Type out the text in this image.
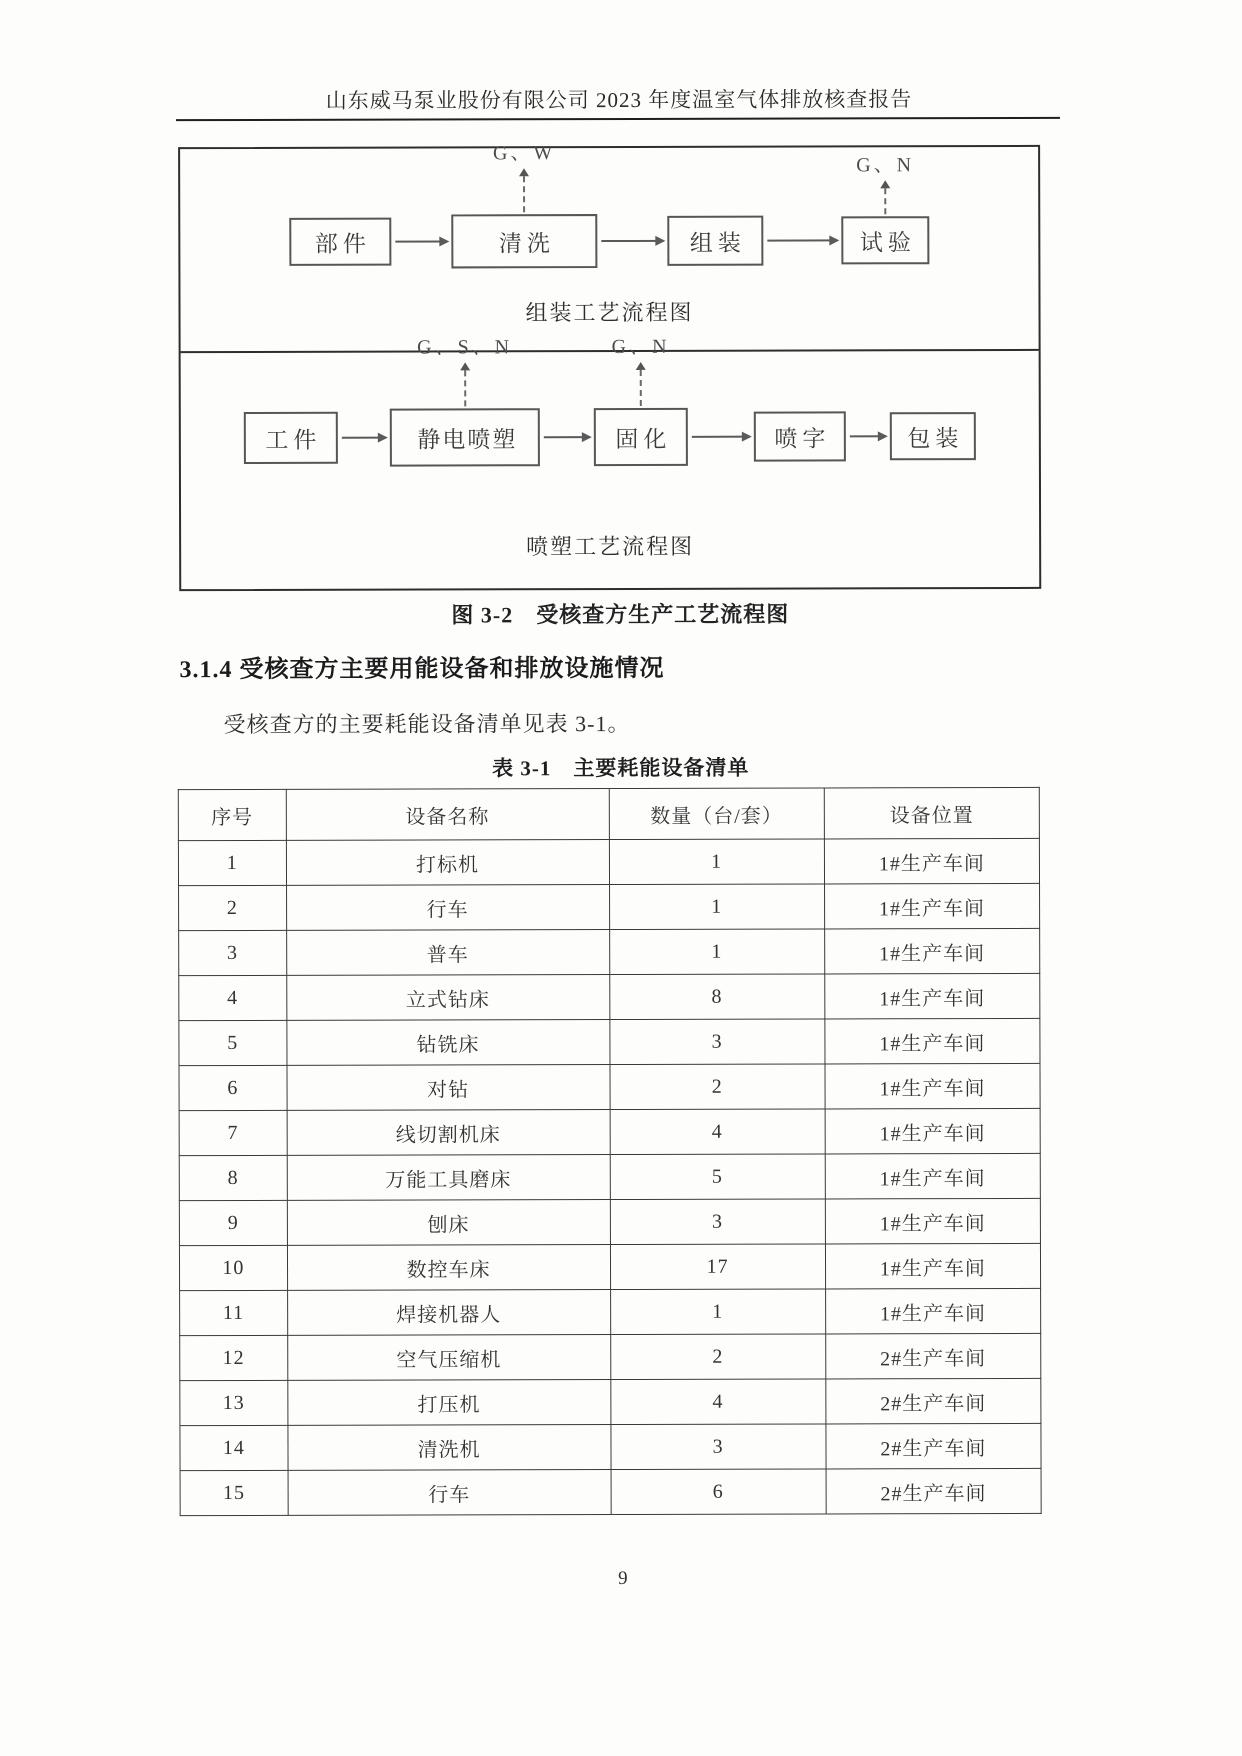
山东威马泵业股份有限公司 2023 年度温室气体排放核查报告
部件
G、W
清洗	组装
G、N
试验
组装工艺流程图
工件
G、S、N
静电喷塑
G、N
固化	喷字	包装
喷塑工艺流程图
图 3-2　受核查方生产工艺流程图
3.1.4 受核查方主要用能设备和排放设施情况
受核查方的主要耗能设备清单见表 3-1。
表 3-1　主要耗能设备清单
序号	设备名称	数量（台/套）	设备位置
1	打标机	1	1#生产车间
2	行车	1	1#生产车间
3	普车	1	1#生产车间
4	立式钻床	8	1#生产车间
5	钻铣床	3	1#生产车间
6	对钻	2	1#生产车间
7	线切割机床	4	1#生产车间
8	万能工具磨床	5	1#生产车间
9	刨床	3	1#生产车间
10	数控车床	17	1#生产车间
11	焊接机器人	1	1#生产车间
12	空气压缩机	2	2#生产车间
13	打压机	4	2#生产车间
14	清洗机	3	2#生产车间
15	行车	6	2#生产车间
9
